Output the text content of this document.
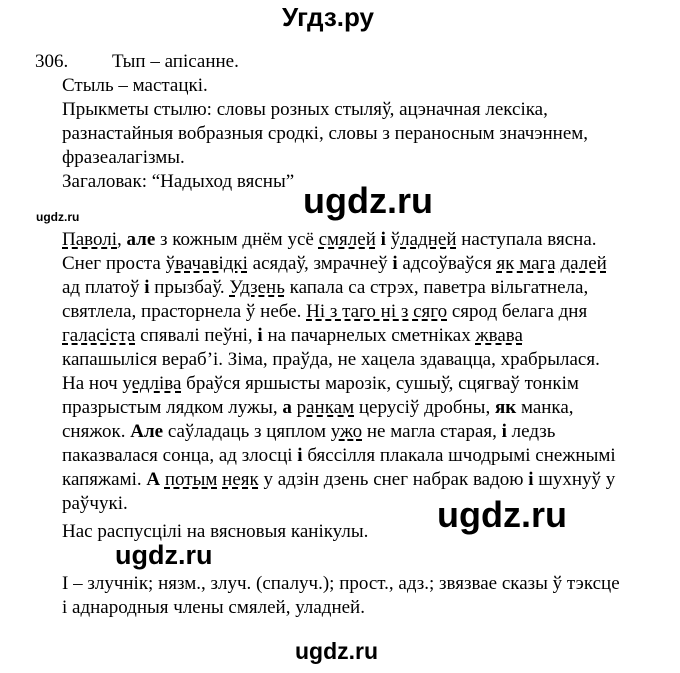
Угдз.ру
ugdz.ru
306. Тып – апісанне.
Стыль – мастацкі.
Прыкметы стылю: словы розных стыляў, ацэначная лексіка,
разнастайныя вобразныя сродкі, словы з пераносным значэннем,
фразеалагізмы.
Загаловак: “Надыход вясны”
Паволі, але з кожным днём усё смялей і ўладней наступала вясна.
Снег проста ўвачавідкі асядаў, змрачнеў і адсоўваўся як мага далей
ад платоў і прызбаў. Удзень капала са стрэх, паветра вільгатнела,
святлела, прасторнела ў небе. Ні з таго ні з сяго сярод белага дня
галасіста спявалі пеўні, і на пачарнелых сметніках жвава
капашыліся вераб’і. Зіма, праўда, не хацела здавацца, храбрылася.
На ноч уедліва браўся яршысты марозік, сушыў, сцягваў тонкім
празрыстым лядком лужы, а ранкам церусіў дробны, як манка,
сняжок. Але саўладаць з цяплом ужо не магла старая, і ледзь
паказвалася сонца, ад злосці і бяссілля плакала шчодрымі снежнымі
капяжамі. А потым неяк у адзін дзень снег набрак вадою і шухнуў у
раўчукі.
Нас распусцілі на вясновыя канікулы.
І – злучнік; нязм., злуч. (спалуч.); прост., адз.; звязвае сказы ў тэксце
і аднародныя члены смялей, уладней.
ugdz.ru
ugdz.ru
ugdz.ru
ugdz.ru
